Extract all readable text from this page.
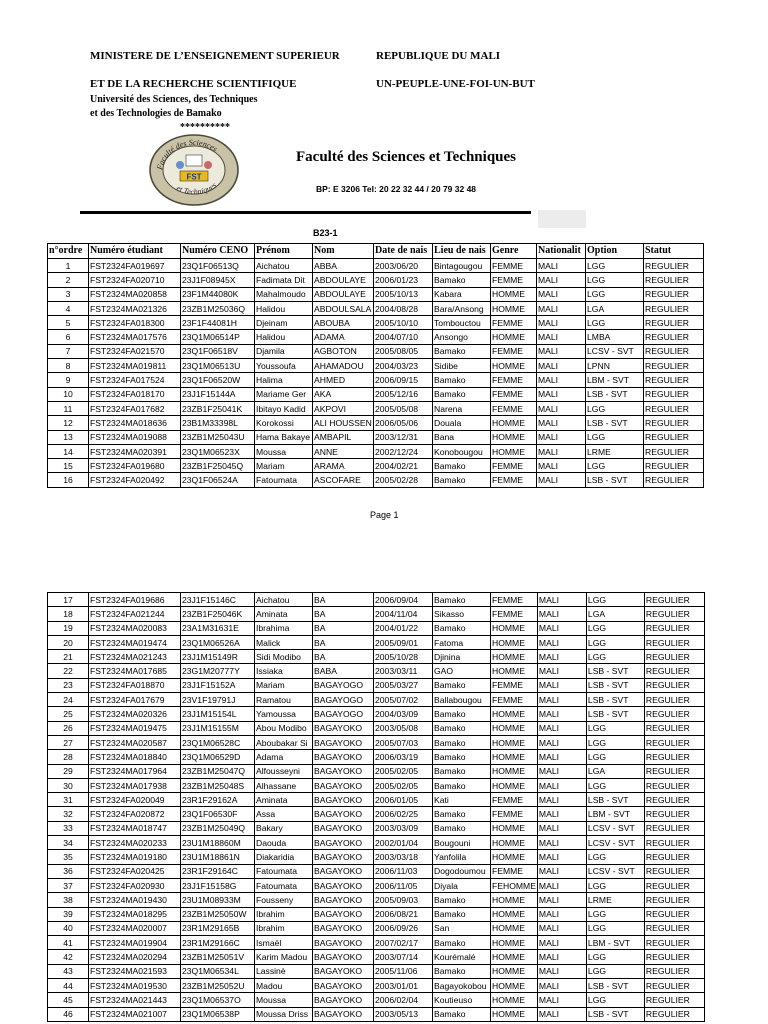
MINISTERE DE L’ENSEIGNEMENT SUPERIEUR	REPUBLIQUE DU MALI
ET DE LA RECHERCHE SCIENTIFIQUE	UN-PEUPLE-UNE-FOI-UN-BUT
Université des Sciences, des Techniques
et des Technologies de Bamako
**********
Faculté des Sciences
et Techniques
FST
Faculté des Sciences et Techniques
BP: E 3206 Tel: 20 22 32 44 / 20 79 32 48
B23-1
n°ordre	Numéro étudiant	Numéro CENO	Prénom	Nom	Date de nais	Lieu de nais	Genre	Nationalit	Option	Statut
1	FST2324FA019697	23Q1F06513Q	Aichatou	ABBA	2003/06/20	Bintagougou	FEMME	MALI	LGG	REGULIER
2	FST2324FA020710	23J1F08945X	Fadimata Dit	ABDOULAYE	2006/01/23	Bamako	FEMME	MALI	LGG	REGULIER
3	FST2324MA020858	23F1M44080K	Mahalmoudo	ABDOULAYE	2005/10/13	Kabara	HOMME	MALI	LGG	REGULIER
4	FST2324MA021326	23ZB1M25036Q	Halidou	ABDOULSALA	2004/08/28	Bara/Ansong	HOMME	MALI	LGA	REGULIER
5	FST2324FA018300	23F1F44081H	Djeinam	ABOUBA	2005/10/10	Tombouctou	FEMME	MALI	LGG	REGULIER
6	FST2324MA017576	23Q1M06514P	Halidou	ADAMA	2004/07/10	Ansongo	HOMME	MALI	LMBA	REGULIER
7	FST2324FA021570	23Q1F06518V	Djamila	AGBOTON	2005/08/05	Bamako	FEMME	MALI	LCSV - SVT	REGULIER
8	FST2324MA019811	23Q1M06513U	Youssoufa	AHAMADOU	2004/03/23	Sidibe	HOMME	MALI	LPNN	REGULIER
9	FST2324FA017524	23Q1F06520W	Halima	AHMED	2006/09/15	Bamako	FEMME	MALI	LBM - SVT	REGULIER
10	FST2324FA018170	23J1F15144A	Mariame Ger	AKA	2005/12/16	Bamako	FEMME	MALI	LSB - SVT	REGULIER
11	FST2324FA017682	23ZB1F25041K	Ibitayo Kadid	AKPOVI	2005/05/08	Narena	FEMME	MALI	LGG	REGULIER
12	FST2324MA018636	23B1M33398L	Korokossi	ALI HOUSSEN	2006/05/06	Douala	HOMME	MALI	LSB - SVT	REGULIER
13	FST2324MA019088	23ZB1M25043U	Hama Bakaye	AMBAPIL	2003/12/31	Bana	HOMME	MALI	LGG	REGULIER
14	FST2324MA020391	23Q1M06523X	Moussa	ANNE	2002/12/24	Konobougou	HOMME	MALI	LRME	REGULIER
15	FST2324FA019680	23ZB1F25045Q	Mariam	ARAMA	2004/02/21	Bamako	FEMME	MALI	LGG	REGULIER
16	FST2324FA020492	23Q1F06524A	Fatoumata	ASCOFARE	2005/02/28	Bamako	FEMME	MALI	LSB - SVT	REGULIER
Page 1
17	FST2324FA019686	23J1F15146C	Aichatou	BA	2006/09/04	Bamako	FEMME	MALI	LGG	REGULIER
18	FST2324FA021244	23ZB1F25046K	Aminata	BA	2004/11/04	Sikasso	FEMME	MALI	LGA	REGULIER
19	FST2324MA020083	23A1M31631E	Ibrahima	BA	2004/01/22	Bamako	HOMME	MALI	LGG	REGULIER
20	FST2324MA019474	23Q1M06526A	Malick	BA	2005/09/01	Fatoma	HOMME	MALI	LGG	REGULIER
21	FST2324MA021243	23J1M15149R	Sidi Modibo	BA	2005/10/28	Djinina	HOMME	MALI	LGG	REGULIER
22	FST2324MA017685	23G1M20777Y	Issiaka	BABA	2003/03/11	GAO	HOMME	MALI	LSB - SVT	REGULIER
23	FST2324FA018870	23J1F15152A	Mariam	BAGAYOGO	2005/03/27	Bamako	FEMME	MALI	LSB - SVT	REGULIER
24	FST2324FA017679	23V1F19791J	Ramatou	BAGAYOGO	2005/07/02	Ballabougou	FEMME	MALI	LSB - SVT	REGULIER
25	FST2324MA020326	23J1M15154L	Yamoussa	BAGAYOGO	2004/03/09	Bamako	HOMME	MALI	LSB - SVT	REGULIER
26	FST2324MA019475	23J1M15155M	Abou Modibo	BAGAYOKO	2003/05/08	Bamako	HOMME	MALI	LGG	REGULIER
27	FST2324MA020587	23Q1M06528C	Aboubakar Si	BAGAYOKO	2005/07/03	Bamako	HOMME	MALI	LGG	REGULIER
28	FST2324MA018840	23Q1M06529D	Adama	BAGAYOKO	2006/03/19	Bamako	HOMME	MALI	LGG	REGULIER
29	FST2324MA017964	23ZB1M25047Q	Alfousseyni	BAGAYOKO	2005/02/05	Bamako	HOMME	MALI	LGA	REGULIER
30	FST2324MA017938	23ZB1M25048S	Alhassane	BAGAYOKO	2005/02/05	Bamako	HOMME	MALI	LGG	REGULIER
31	FST2324FA020049	23R1F29162A	Aminata	BAGAYOKO	2006/01/05	Kati	FEMME	MALI	LSB - SVT	REGULIER
32	FST2324FA020872	23Q1F06530F	Assa	BAGAYOKO	2006/02/25	Bamako	FEMME	MALI	LBM - SVT	REGULIER
33	FST2324MA018747	23ZB1M25049Q	Bakary	BAGAYOKO	2003/03/09	Bamako	HOMME	MALI	LCSV - SVT	REGULIER
34	FST2324MA020233	23U1M18860M	Daouda	BAGAYOKO	2002/01/04	Bougouni	HOMME	MALI	LCSV - SVT	REGULIER
35	FST2324MA019180	23U1M18861N	Diakaridia	BAGAYOKO	2003/03/18	Yanfolila	HOMME	MALI	LGG	REGULIER
36	FST2324FA020425	23R1F29164C	Fatoumata	BAGAYOKO	2006/11/03	Dogodoumou	FEMME	MALI	LCSV - SVT	REGULIER
37	FST2324FA020930	23J1F15158G	Fatoumata	BAGAYOKO	2006/11/05	Diyala	FEHOMME	MALI	LGG	REGULIER
38	FST2324MA019430	23U1M08933M	Fousseny	BAGAYOKO	2005/09/03	Bamako	HOMME	MALI	LRME	REGULIER
39	FST2324MA018295	23ZB1M25050W	Ibrahim	BAGAYOKO	2006/08/21	Bamako	HOMME	MALI	LGG	REGULIER
40	FST2324MA020007	23R1M29165B	Ibrahim	BAGAYOKO	2006/09/26	San	HOMME	MALI	LGG	REGULIER
41	FST2324MA019904	23R1M29166C	Ismaël	BAGAYOKO	2007/02/17	Bamako	HOMME	MALI	LBM - SVT	REGULIER
42	FST2324MA020294	23ZB1M25051V	Karim Madou	BAGAYOKO	2003/07/14	Kourémalé	HOMME	MALI	LGG	REGULIER
43	FST2324MA021593	23Q1M06534L	Lassinè	BAGAYOKO	2005/11/06	Bamako	HOMME	MALI	LGG	REGULIER
44	FST2324MA019530	23ZB1M25052U	Madou	BAGAYOKO	2003/01/01	Bagayokobou	HOMME	MALI	LSB - SVT	REGULIER
45	FST2324MA021443	23Q1M06537O	Moussa	BAGAYOKO	2006/02/04	Koutieuso	HOMME	MALI	LGG	REGULIER
46	FST2324MA021007	23Q1M06538P	Moussa Driss	BAGAYOKO	2003/05/13	Bamako	HOMME	MALI	LSB - SVT	REGULIER
